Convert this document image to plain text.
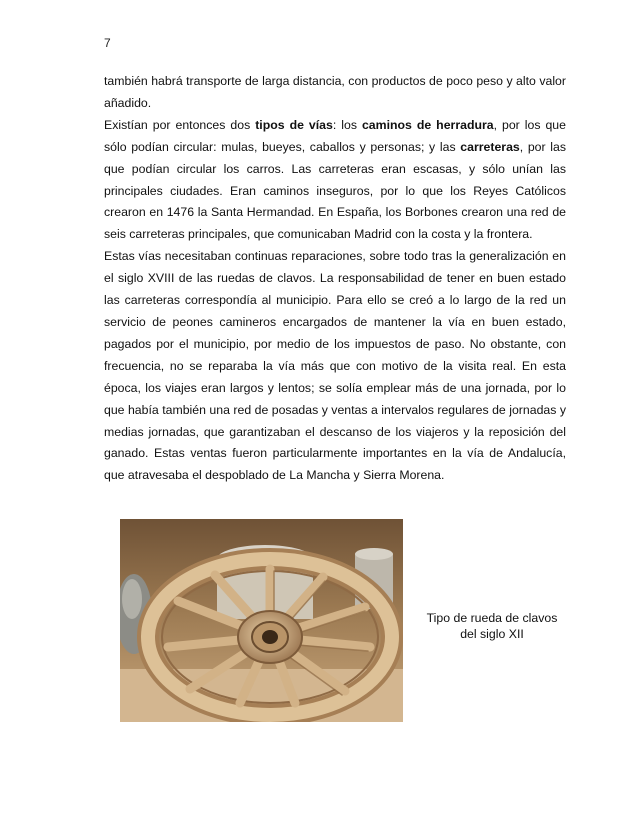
7

también habrá transporte de larga distancia, con productos de poco peso y alto valor añadido.

Existían por entonces dos tipos de vías: los caminos de herradura, por los que sólo podían circular: mulas, bueyes, caballos y personas; y las carreteras, por las que podían circular los carros. Las carreteras eran escasas, y sólo unían las principales ciudades. Eran caminos inseguros, por lo que los Reyes Católicos crearon en 1476 la Santa Hermandad. En España, los Borbones crearon una red de seis carreteras principales, que comunicaban Madrid con la costa y la frontera.

Estas vías necesitaban continuas reparaciones, sobre todo tras la generalización en el siglo XVIII de las ruedas de clavos. La responsabilidad de tener en buen estado las carreteras correspondía al municipio. Para ello se creó a lo largo de la red un servicio de peones camineros encargados de mantener la vía en buen estado, pagados por el municipio, por medio de los impuestos de paso. No obstante, con frecuencia, no se reparaba la vía más que con motivo de la visita real. En esta época, los viajes eran largos y lentos; se solía emplear más de una jornada, por lo que había también una red de posadas y ventas a intervalos regulares de jornadas y medias jornadas, que garantizaban el descanso de los viajeros y la reposición del ganado. Estas ventas fueron particularmente importantes en la vía de Andalucía, que atravesaba el despoblado de La Mancha y Sierra Morena.

Tipo de rueda de clavos
del siglo XII
